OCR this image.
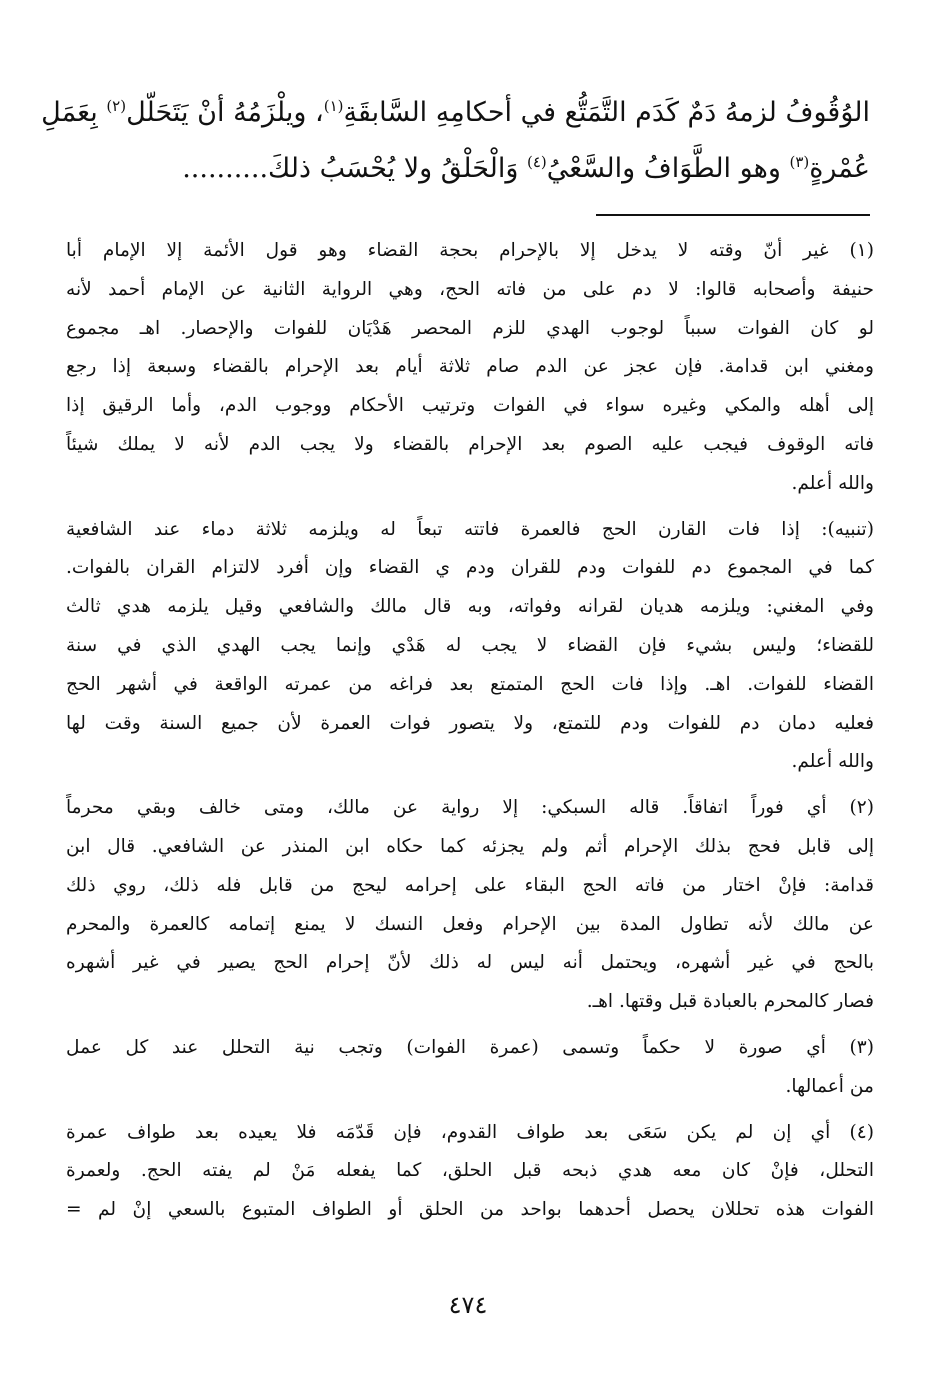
الوُقُوفُ لزمهُ دَمٌ كَدَم التَّمَتُّع في أحكامِهِ السَّابقَةِ$^{(١)}$، ويلْزَمُهُ أنْ يَتَحَلّل$^{(٢)}$ بِعَمَلِ
عُمْرةٍ$^{(٣)}$ وهو الطَّوَافُ والسَّعْيُ$^{(٤)}$ وَالْحَلْقُ ولا يُحْسَبُ ذلكَ..........
(١) غير أنّ وقته لا يدخل إلا بالإحرام بحجة القضاء وهو قول الأئمة إلا الإمام أبا
حنيفة وأصحابه قالوا: لا دم على من فاته الحج، وهي الرواية الثانية عن الإمام أحمد لأنه
لو كان الفوات سبباً لوجوب الهدي للزم المحصر هَدْيَان للفوات والإحصار. اهـ مجموع
ومغني ابن قدامة. فإن عجز عن الدم صام ثلاثة أيام بعد الإحرام بالقضاء وسبعة إذا رجع
إلى أهله والمكي وغيره سواء في الفوات وترتيب الأحكام ووجوب الدم، وأما الرقيق إذا
فاته الوقوف فيجب عليه الصوم بعد الإحرام بالقضاء ولا يجب الدم لأنه لا يملك شيئاً
والله أعلم.
(تنبيه): إذا فات القارن الحج فالعمرة فاتته تبعاً له ويلزمه ثلاثة دماء عند الشافعية
كما في المجموع دم للفوات ودم للقران ودم ي القضاء وإن أفرد لالتزام القران بالفوات.
وفي المغني: ويلزمه هديان لقرانه وفواته، وبه قال مالك والشافعي وقيل يلزمه هدي ثالث
للقضاء؛ وليس بشيء فإن القضاء لا يجب له هَدْي وإنما يجب الهدي الذي في سنة
القضاء للفوات. اهـ. وإذا فات الحج المتمتع بعد فراغه من عمرته الواقعة في أشهر الحج
فعليه دمان دم للفوات ودم للتمتع، ولا يتصور فوات العمرة لأن جميع السنة وقت لها
والله أعلم.
(٢) أي فوراً اتفاقاً. قاله السبكي: إلا رواية عن مالك، ومتى خالف وبقي محرماً
إلى قابل فحج بذلك الإحرام أثم ولم يجزئه كما حكاه ابن المنذر عن الشافعي. قال ابن
قدامة: فإنْ اختار من فاته الحج البقاء على إحرامه ليحج من قابل فله ذلك، روي ذلك
عن مالك لأنه تطاول المدة بين الإحرام وفعل النسك لا يمنع إتمامه كالعمرة والمحرم
بالحج في غير أشهره، ويحتمل أنه ليس له ذلك لأنّ إحرام الحج يصير في غير أشهره
فصار كالمحرم بالعبادة قبل وقتها. اهـ.
(٣) أي صورة لا حكماً وتسمى (عمرة الفوات) وتجب نية التحلل عند كل عمل
من أعمالها.
(٤) أي إن لم يكن سَعَى بعد طواف القدوم، فإن قَدّمَه فلا يعيده بعد طواف عمرة
التحلل، فإنْ كان معه هدي ذبحه قبل الحلق، كما يفعله مَنْ لم يفته الحج. ولعمرة
الفوات هذه تحللان يحصل أحدهما بواحد من الحلق أو الطواف المتبوع بالسعي إنْ لم =
٤٧٤
